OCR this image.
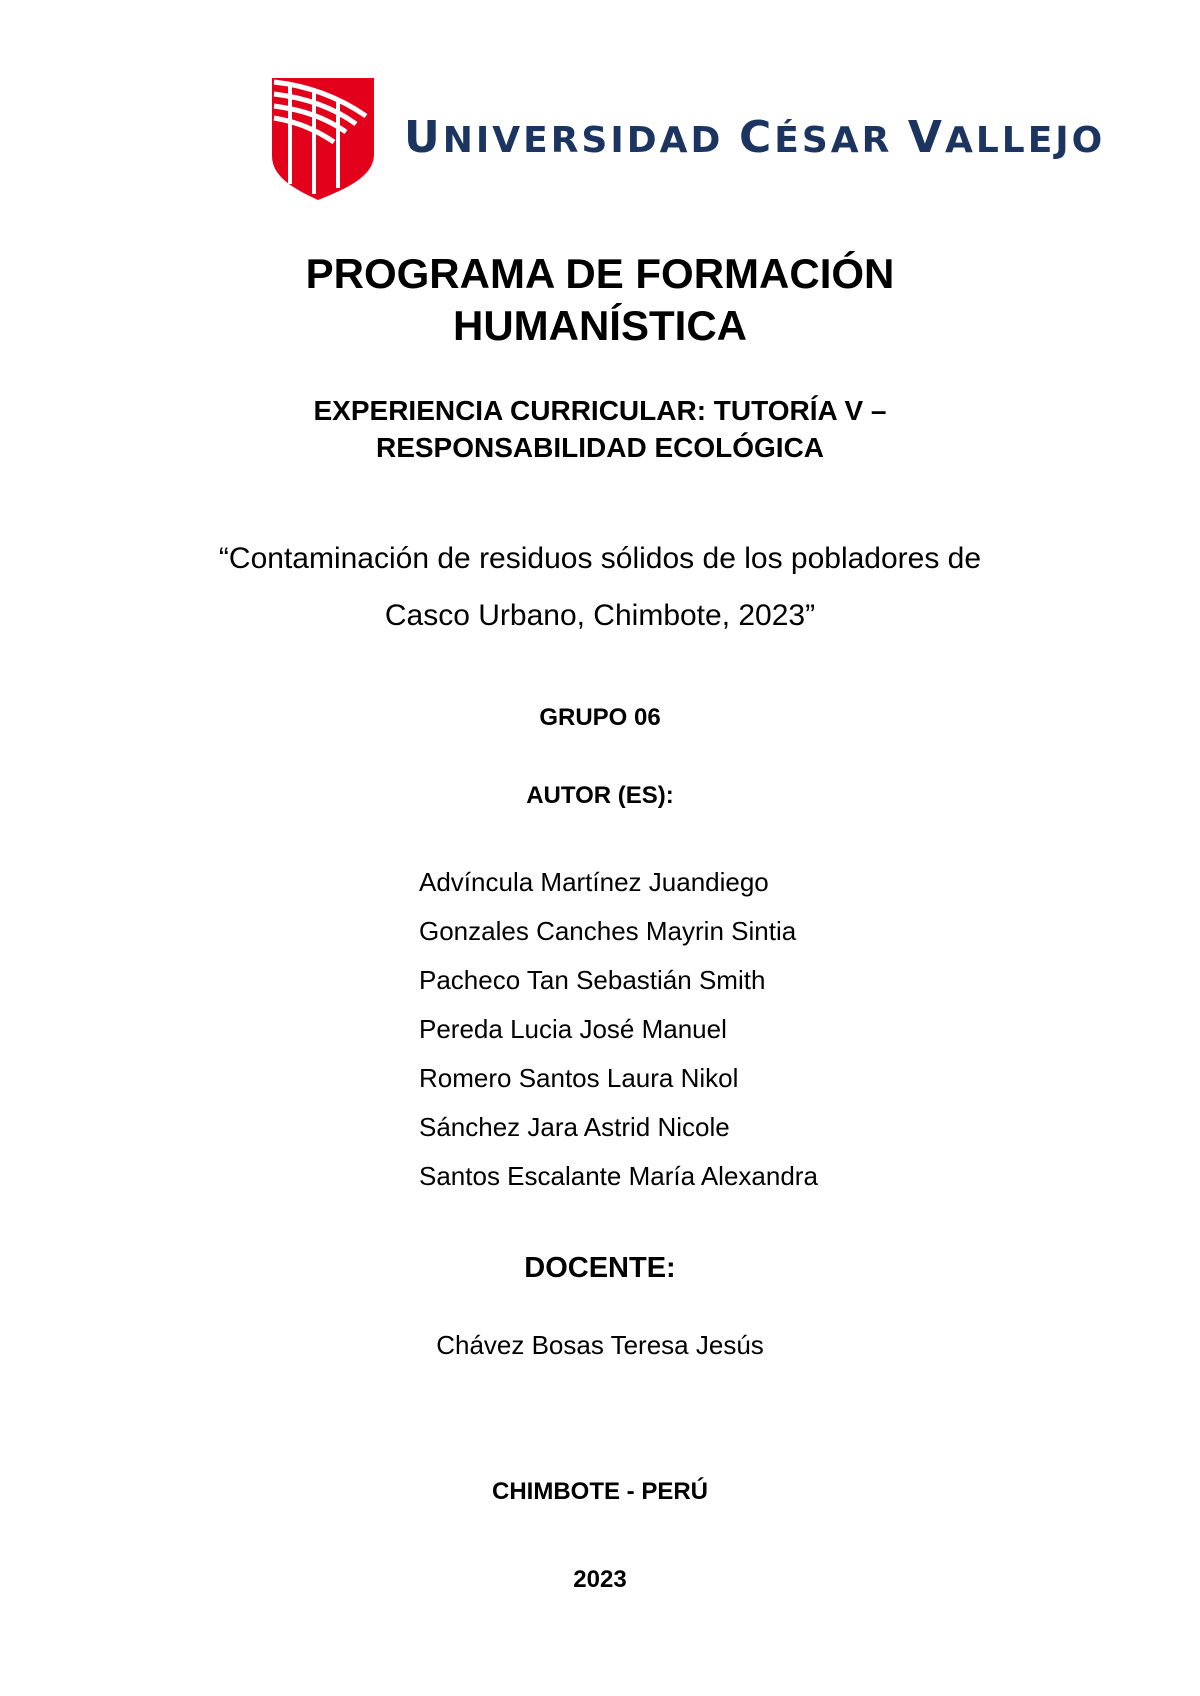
UNIVERSIDAD CÉSAR VALLEJO
PROGRAMA DE FORMACIÓN
HUMANÍSTICA
EXPERIENCIA CURRICULAR: TUTORÍA V –
RESPONSABILIDAD ECOLÓGICA
“Contaminación de residuos sólidos de los pobladores de
Casco Urbano, Chimbote, 2023”
GRUPO 06
AUTOR (ES):
Advíncula Martínez Juandiego
Gonzales Canches Mayrin Sintia
Pacheco Tan Sebastián Smith
Pereda Lucia José Manuel
Romero Santos Laura Nikol
Sánchez Jara Astrid Nicole
Santos Escalante María Alexandra
DOCENTE:
Chávez Bosas Teresa Jesús
CHIMBOTE - PERÚ
2023
